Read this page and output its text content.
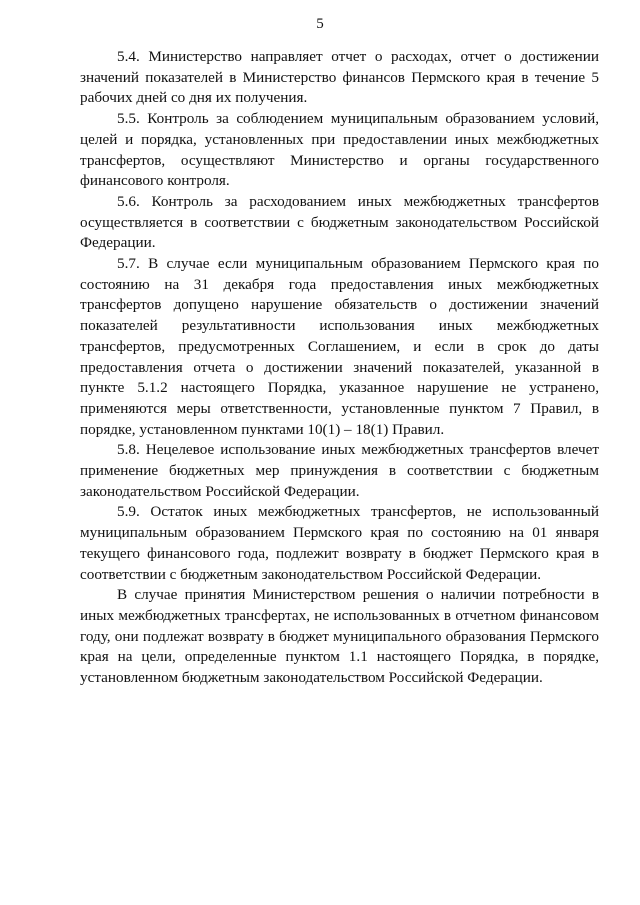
5

5.4. Министерство направляет отчет о расходах, отчет о достижении значений показателей в Министерство финансов Пермского края в течение 5 рабочих дней со дня их получения.

5.5. Контроль за соблюдением муниципальным образованием условий, целей и порядка, установленных при предоставлении иных межбюджетных трансфертов, осуществляют Министерство и органы государственного финансового контроля.

5.6. Контроль за расходованием иных межбюджетных трансфертов осуществляется в соответствии с бюджетным законодательством Российской Федерации.

5.7. В случае если муниципальным образованием Пермского края по состоянию на 31 декабря года предоставления иных межбюджетных трансфертов допущено нарушение обязательств о достижении значений показателей результативности использования иных межбюджетных трансфертов, предусмотренных Соглашением, и если в срок до даты предоставления отчета о достижении значений показателей, указанной в пункте 5.1.2 настоящего Порядка, указанное нарушение не устранено, применяются меры ответственности, установленные пунктом 7 Правил, в порядке, установленном пунктами 10(1) – 18(1) Правил.

5.8. Нецелевое использование иных межбюджетных трансфертов влечет применение бюджетных мер принуждения в соответствии с бюджетным законодательством Российской Федерации.

5.9. Остаток иных межбюджетных трансфертов, не использованный муниципальным образованием Пермского края по состоянию на 01 января текущего финансового года, подлежит возврату в бюджет Пермского края в соответствии с бюджетным законодательством Российской Федерации.

В случае принятия Министерством решения о наличии потребности в иных межбюджетных трансфертах, не использованных в отчетном финансовом году, они подлежат возврату в бюджет муниципального образования Пермского края на цели, определенные пунктом 1.1 настоящего Порядка, в порядке, установленном бюджетным законодательством Российской Федерации.
